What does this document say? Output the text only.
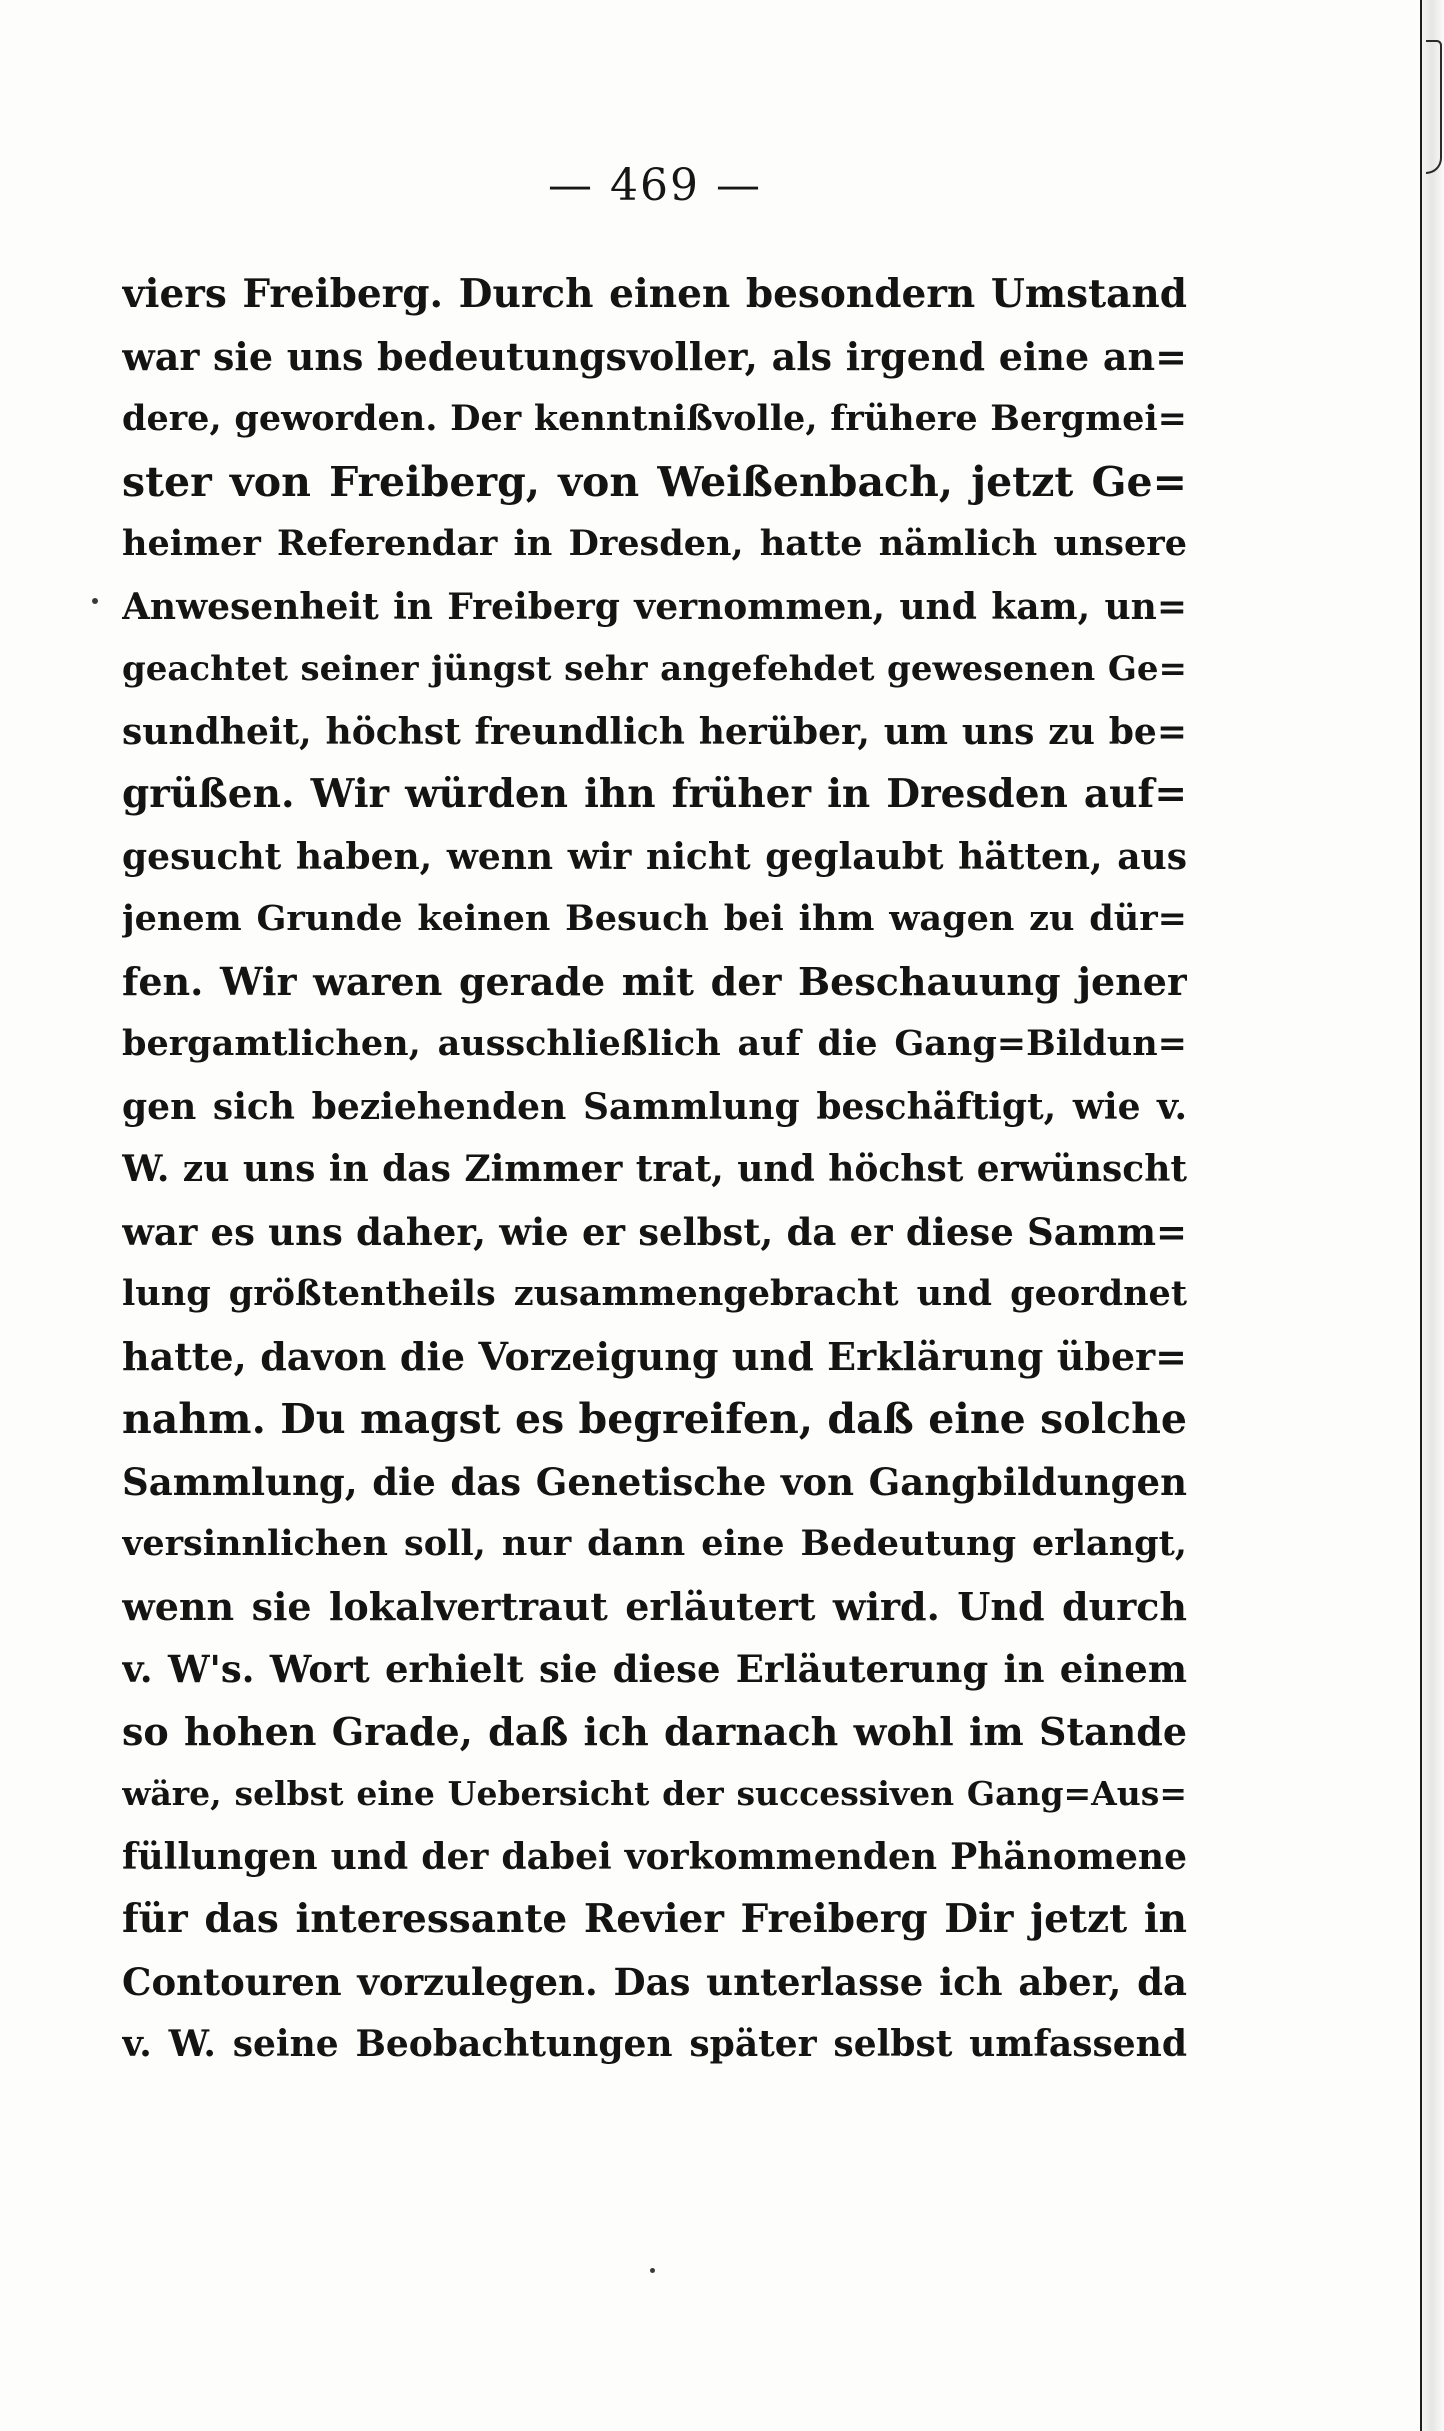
— 469 —
viers Freiberg. Durch einen besondern Umstand
war sie uns bedeutungsvoller, als irgend eine an=
dere, geworden. Der kenntnißvolle, frühere Bergmei=
ster von Freiberg, von Weißenbach, jetzt Ge=
heimer Referendar in Dresden, hatte nämlich unsere
Anwesenheit in Freiberg vernommen, und kam, un=
geachtet seiner jüngst sehr angefehdet gewesenen Ge=
sundheit, höchst freundlich herüber, um uns zu be=
grüßen. Wir würden ihn früher in Dresden auf=
gesucht haben, wenn wir nicht geglaubt hätten, aus
jenem Grunde keinen Besuch bei ihm wagen zu dür=
fen. Wir waren gerade mit der Beschauung jener
bergamtlichen, ausschließlich auf die Gang=Bildun=
gen sich beziehenden Sammlung beschäftigt, wie v.
W. zu uns in das Zimmer trat, und höchst erwünscht
war es uns daher, wie er selbst, da er diese Samm=
lung größtentheils zusammengebracht und geordnet
hatte, davon die Vorzeigung und Erklärung über=
nahm. Du magst es begreifen, daß eine solche
Sammlung, die das Genetische von Gangbildungen
versinnlichen soll, nur dann eine Bedeutung erlangt,
wenn sie lokalvertraut erläutert wird. Und durch
v. W's. Wort erhielt sie diese Erläuterung in einem
so hohen Grade, daß ich darnach wohl im Stande
wäre, selbst eine Uebersicht der successiven Gang=Aus=
füllungen und der dabei vorkommenden Phänomene
für das interessante Revier Freiberg Dir jetzt in
Contouren vorzulegen. Das unterlasse ich aber, da
v. W. seine Beobachtungen später selbst umfassend
